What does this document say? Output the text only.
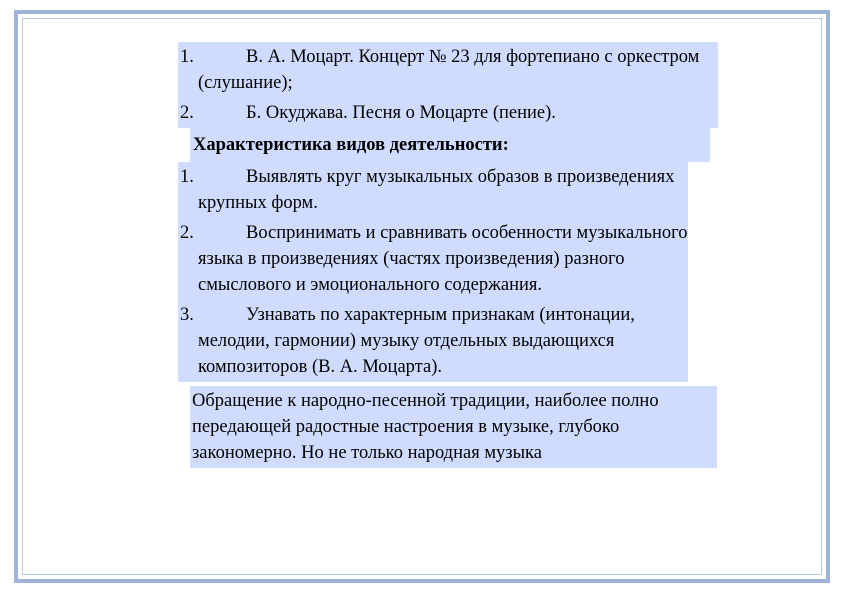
1.	В. А. Моцарт. Концерт № 23 для фортепиано с оркестром (слушание);
2.	Б. Окуджава. Песня о Моцарте (пение).
Характеристика видов деятельности:
1.	Выявлять круг музыкальных образов в произведениях крупных форм.
2.	Воспринимать и сравнивать особенности музыкального языка в произведениях (частях произведения) разного смыслового и эмоционального содержания.
3.	Узнавать по характерным признакам (интонации, мелодии, гармонии) музыку отдельных выдающихся композиторов (В. А. Моцарта).
Обращение к народно-песенной традиции, наиболее полно передающей радостные настроения в музыке, глубоко закономерно. Но не только народная музыка
